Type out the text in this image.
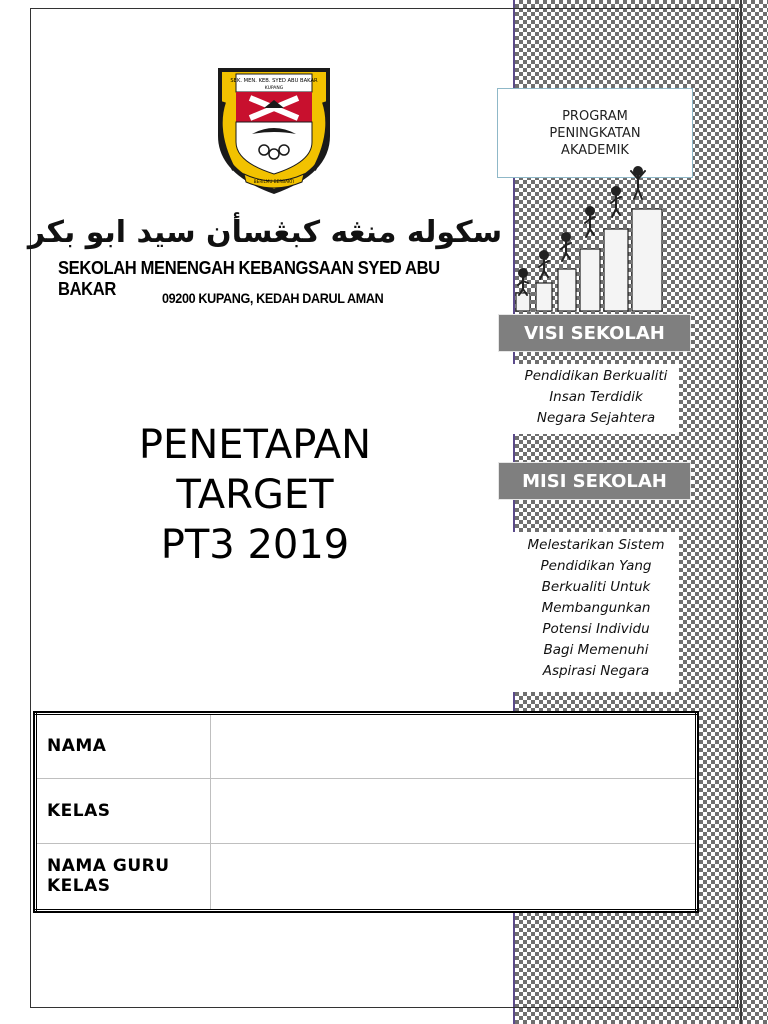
SEK. MEN. KEB. SYED ABU BAKAR
KUPANG
BERILMU BERBAKTI
سکوله منڠه کبڠسأن سيد ابو بکر
SEKOLAH MENENGAH KEBANGSAAN SYED ABU BAKAR	09200 KUPANG, KEDAH DARUL AMAN
PENETAPAN
TARGET
PT3 2019
PROGRAM
PENINGKATAN
AKADEMIK
VISI SEKOLAH
Pendidikan Berkualiti
Insan Terdidik
Negara Sejahtera
MISI SEKOLAH
Melestarikan Sistem
Pendidikan Yang
Berkualiti Untuk
Membangunkan
Potensi Individu
Bagi Memenuhi
Aspirasi Negara
NAMA	
KELAS	
NAMA GURU KELAS	
